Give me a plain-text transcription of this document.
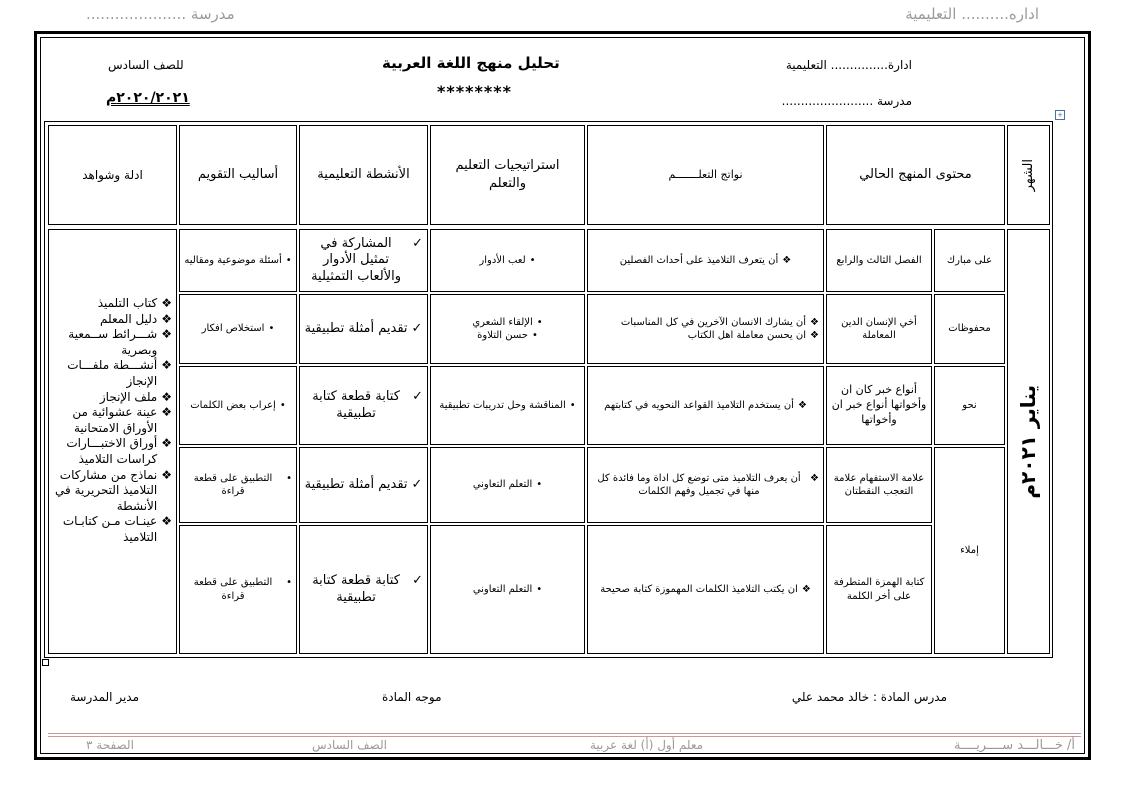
اداره.......... التعليمية
مدرسة .....................
تحليل منهج اللغة العربية
********
للصف السادس
٢٠٢٠/٢٠٢١م
ادارة............... التعليمية
مدرسة ........................
+
الشهر
محتوى المنهج الحالي
نواتج التعلـــــــم
استراتيجيات التعليم والتعلم
الأنشطة التعليمية
أساليب التقويم
ادلة وشواهد
يناير ٢٠٢١م
❖
كتاب التلميذ
❖
دليل المعلم
❖
شـــرائط ســمعية وبصرية
❖
أنشـــطة ملفـــات الإنجاز
❖
ملف الإنجاز
❖
عينة عشوائية من الأوراق الامتحانية
❖
أوراق الاختبـــارات
كراسات التلاميذ
❖
نماذج من مشاركات التلاميذ التحريرية في الأنشطة
❖
عينـات مـن كتابـات التلاميذ
على مبارك
الفصل الثالث والرابع
❖
أن يتعرف التلاميذ على أحداث الفصلين
•
لعب الأدوار
✓
المشاركة في تمثيل الأدوار والألعاب التمثيلية
•
أسئلة موضوعية ومقاليه
محفوظات
أخي الإنسان الدين المعاملة
❖
أن يشارك الانسان الآخرين في كل المناسبات
❖
ان يحسن معاملة اهل الكتاب
•
الإلقاء الشعري
•
حسن التلاوة
✓
تقديم أمثلة تطبيقية
•
استخلاص افكار
نحو
أنواع خبر كان ان وأخواتها أنواع خبر ان وأخواتها
❖
أن يستخدم التلاميذ القواعد النحويه في كتابتهم
•
المناقشة وحل تدريبات تطبيقية
✓
كتابة قطعة كتابة تطبيقية
•
إعراب بعض الكلمات
إملاء
علامة الاستفهام علامة التعجب النقطتان
❖
أن يعرف التلاميذ متى توضع كل اداة وما فائدة كل منها في تجميل وفهم الكلمات
•
التعلم التعاوني
✓
تقديم أمثلة تطبيقية
•
التطبيق على قطعة قراءة
كتابة الهمزة المتطرفة على أخر الكلمة
❖
ان يكتب التلاميذ الكلمات المهموزة كتابة صحيحة
•
التعلم التعاوني
✓
كتابة قطعة كتابة تطبيقية
•
التطبيق على قطعة قراءة
مدرس المادة : خالد محمد علي
موجه المادة
مدير المدرسة
أ/ خـــالـــد ســــريــــة
معلم أول (أ) لغة عربية
الصف السادس
الصفحة ٣
